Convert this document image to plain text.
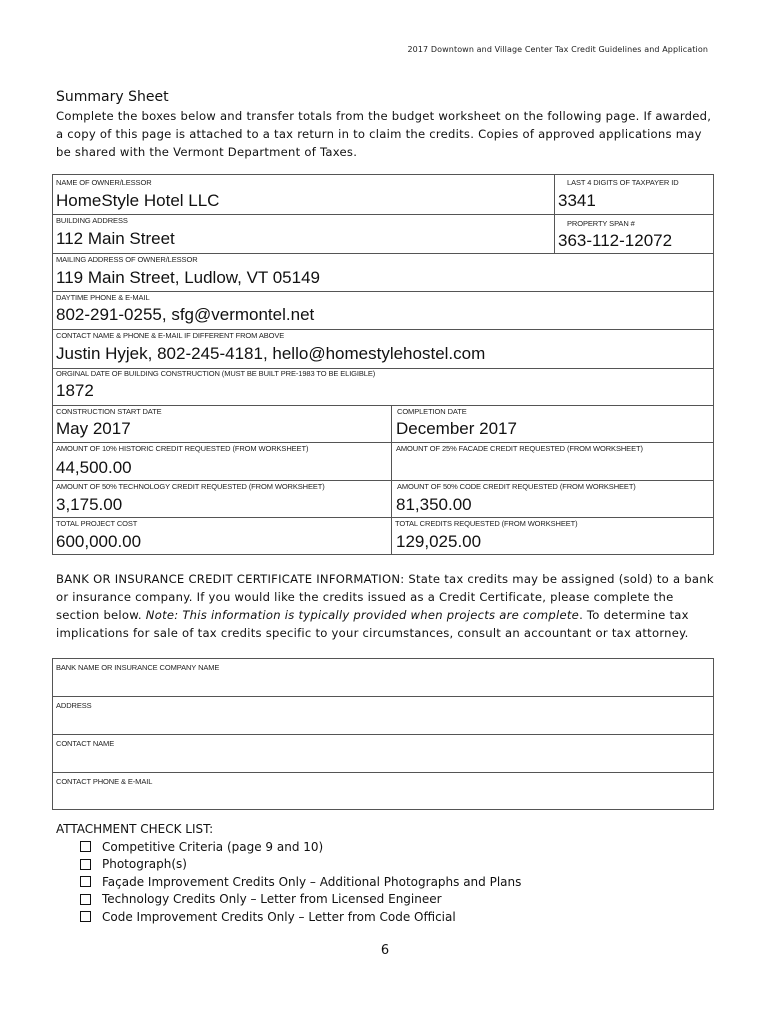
2017 Downtown and Village Center Tax Credit Guidelines and Application
Summary Sheet
Complete the boxes below and transfer totals from the budget worksheet on the following page. If awarded, a copy of this page is attached to a tax return in to claim the credits. Copies of approved applications may be shared with the Vermont Department of Taxes.
NAME OF OWNER/LESSOR
HomeStyle Hotel LLC
LAST 4 DIGITS OF TAXPAYER ID
3341
BUILDING ADDRESS
112 Main Street
PROPERTY SPAN #
363-112-12072
MAILING ADDRESS OF OWNER/LESSOR
119 Main Street, Ludlow, VT 05149
DAYTIME PHONE & E-MAIL
802-291-0255, sfg@vermontel.net
CONTACT NAME & PHONE & E-MAIL IF DIFFERENT FROM ABOVE
Justin Hyjek, 802-245-4181, hello@homestylehostel.com
ORGINAL DATE OF BUILDING CONSTRUCTION (MUST BE BUILT PRE-1983 TO BE ELIGIBLE)
1872
CONSTRUCTION START DATE
May 2017
COMPLETION DATE
December 2017
AMOUNT OF 10% HISTORIC CREDIT REQUESTED (FROM WORKSHEET)
44,500.00
AMOUNT OF 25% FACADE CREDIT REQUESTED (FROM WORKSHEET)
AMOUNT OF 50% TECHNOLOGY CREDIT REQUESTED (FROM WORKSHEET)
3,175.00
AMOUNT OF 50% CODE CREDIT REQUESTED (FROM WORKSHEET)
81,350.00
TOTAL PROJECT COST
600,000.00
TOTAL CREDITS REQUESTED (FROM WORKSHEET)
129,025.00
BANK OR INSURANCE CREDIT CERTIFICATE INFORMATION: State tax credits may be assigned (sold) to a bank or insurance company. If you would like the credits issued as a Credit Certificate, please complete the section below. Note: This information is typically provided when projects are complete. To determine tax implications for sale of tax credits specific to your circumstances, consult an accountant or tax attorney.
BANK NAME OR INSURANCE COMPANY NAME
ADDRESS
CONTACT NAME
CONTACT PHONE & E-MAIL
ATTACHMENT CHECK LIST:
Competitive Criteria (page 9 and 10)
Photograph(s)
Façade Improvement Credits Only – Additional Photographs and Plans
Technology Credits Only – Letter from Licensed Engineer
Code Improvement Credits Only – Letter from Code Official
6
